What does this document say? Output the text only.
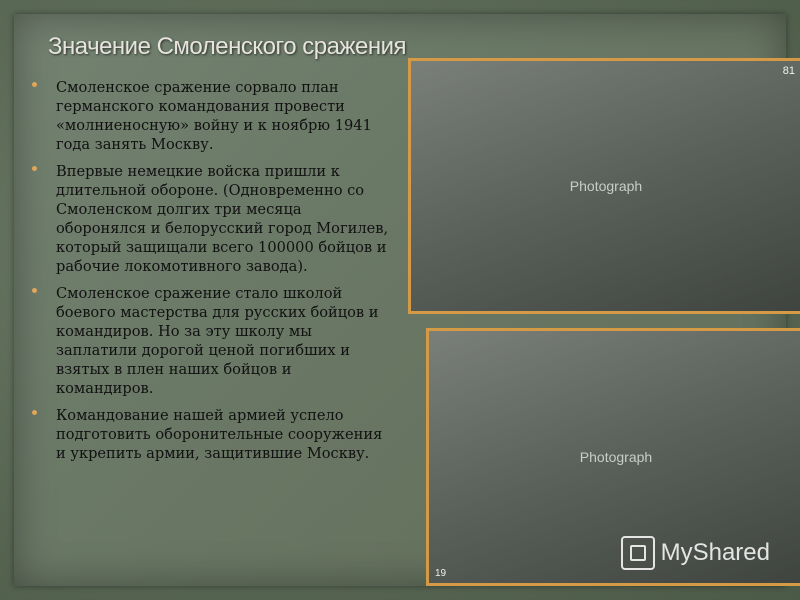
Значение Смоленского сражения
Смоленское сражение сорвало план германского командования провести «молниеносную» войну и к ноябрю 1941 года занять Москву.
Впервые немецкие войска пришли к длительной обороне. (Одновременно со Смоленском долгих три месяца оборонялся и белорусский город Могилев, который защищали всего 100000 бойцов и рабочие локомотивного завода).
Смоленское сражение стало школой боевого мастерства для русских бойцов и командиров. Но за эту школу мы заплатили дорогой ценой погибших и взятых в плен наших бойцов и командиров.
Командование нашей армией успело подготовить оборонительные сооружения и укрепить армии, защитившие Москву.
Photograph
81
Photograph
19
MyShared
